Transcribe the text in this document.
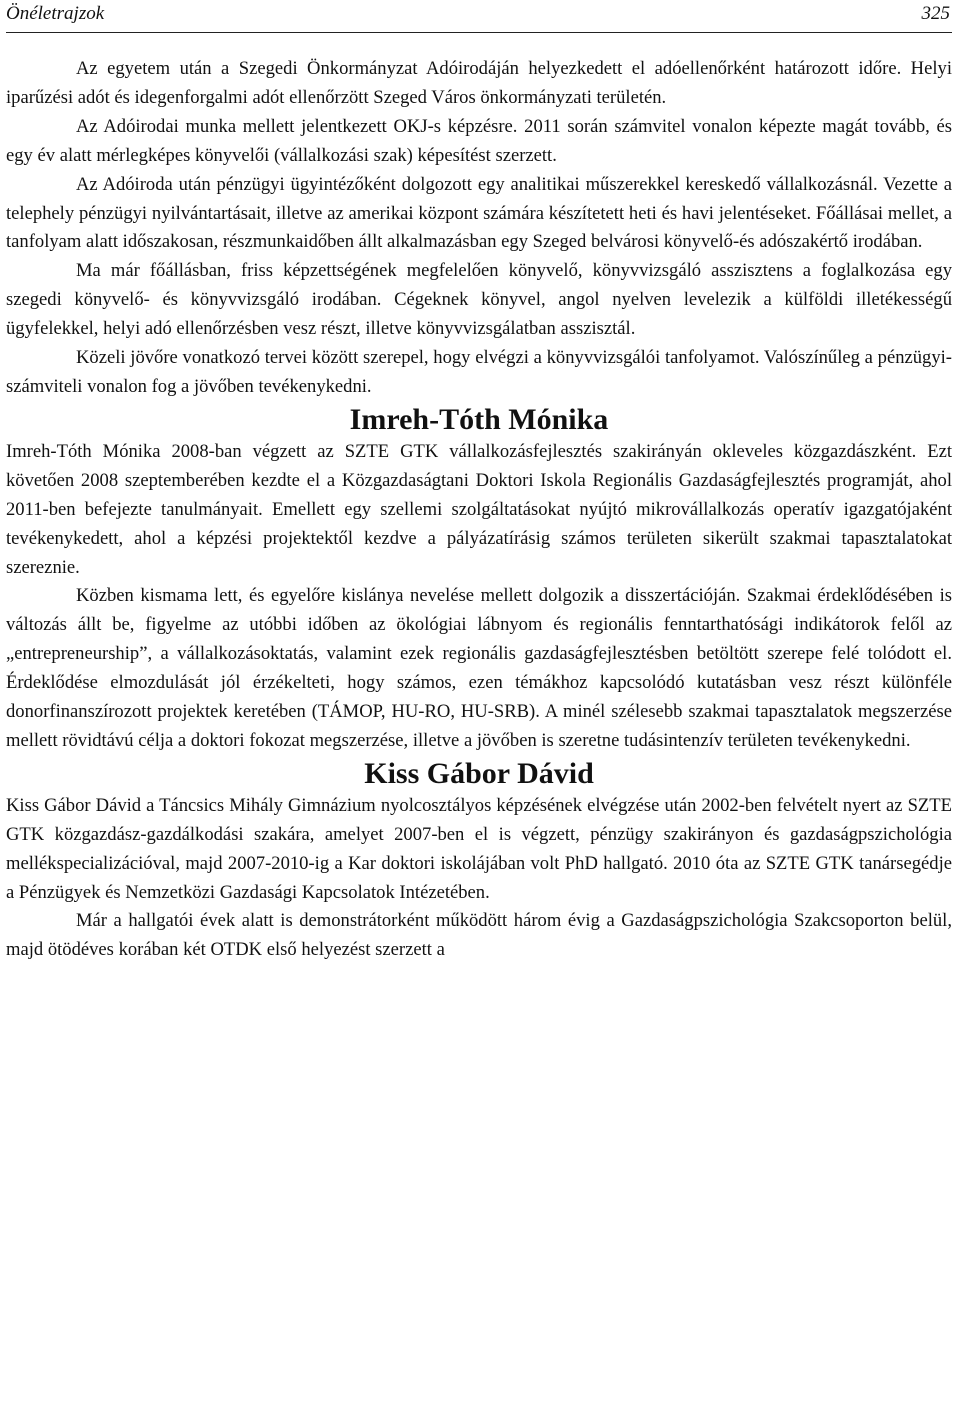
Önéletrajzok	325

Az egyetem után a Szegedi Önkormányzat Adóirodáján helyezkedett el adóellenőrként határozott időre. Helyi iparűzési adót és idegenforgalmi adót ellenőrzött Szeged Város önkormányzati területén.

Az Adóirodai munka mellett jelentkezett OKJ-s képzésre. 2011 során számvitel vonalon képezte magát tovább, és egy év alatt mérlegképes könyvelői (vállalkozási szak) képesítést szerzett.

Az Adóiroda után pénzügyi ügyintézőként dolgozott egy analitikai műszerekkel kereskedő vállalkozásnál. Vezette a telephely pénzügyi nyilvántartásait, illetve az amerikai központ számára készítetett heti és havi jelentéseket. Főállásai mellet, a tanfolyam alatt időszakosan, részmunkaidőben állt alkalmazásban egy Szeged belvárosi könyvelő-és adószakértő irodában.

Ma már főállásban, friss képzettségének megfelelően könyvelő, könyvvizsgáló asszisztens a foglalkozása egy szegedi könyvelő- és könyvvizsgáló irodában. Cégeknek könyvel, angol nyelven levelezik a külföldi illetékességű ügyfelekkel, helyi adó ellenőrzésben vesz részt, illetve könyvvizsgálatban asszisztál.

Közeli jövőre vonatkozó tervei között szerepel, hogy elvégzi a könyvvizsgálói tanfolyamot. Valószínűleg a pénzügyi-számviteli vonalon fog a jövőben tevékenykedni.

Imreh-Tóth Mónika

Imreh-Tóth Mónika 2008-ban végzett az SZTE GTK vállalkozásfejlesztés szakirányán okleveles közgazdászként. Ezt követően 2008 szeptemberében kezdte el a Közgazdaságtani Doktori Iskola Regionális Gazdaságfejlesztés programját, ahol 2011-ben befejezte tanulmányait. Emellett egy szellemi szolgáltatásokat nyújtó mikrovállalkozás operatív igazgatójaként tevékenykedett, ahol a képzési projektektől kezdve a pályázatírásig számos területen sikerült szakmai tapasztalatokat szereznie.

Közben kismama lett, és egyelőre kislánya nevelése mellett dolgozik a disszertációján. Szakmai érdeklődésében is változás állt be, figyelme az utóbbi időben az ökológiai lábnyom és regionális fenntarthatósági indikátorok felől az „entrepreneurship”, a vállalkozásoktatás, valamint ezek regionális gazdaságfejlesztésben betöltött szerepe felé tolódott el. Érdeklődése elmozdulását jól érzékelteti, hogy számos, ezen témákhoz kapcsolódó kutatásban vesz részt különféle donorfinanszírozott projektek keretében (TÁMOP, HU-RO, HU-SRB). A minél szélesebb szakmai tapasztalatok megszerzése mellett rövidtávú célja a doktori fokozat megszerzése, illetve a jövőben is szeretne tudásintenzív területen tevékenykedni.

Kiss Gábor Dávid

Kiss Gábor Dávid a Táncsics Mihály Gimnázium nyolcosztályos képzésének elvégzése után 2002-ben felvételt nyert az SZTE GTK közgazdász-gazdálkodási szakára, amelyet 2007-ben el is végzett, pénzügy szakirányon és gazdaságpszichológia mellékspecializációval, majd 2007-2010-ig a Kar doktori iskolájában volt PhD hallgató. 2010 óta az SZTE GTK tanársegédje a Pénzügyek és Nemzetközi Gazdasági Kapcsolatok Intézetében.

Már a hallgatói évek alatt is demonstrátorként működött három évig a Gazdaságpszichológia Szakcsoporton belül, majd ötödéves korában két OTDK első helyezést szerzett a
